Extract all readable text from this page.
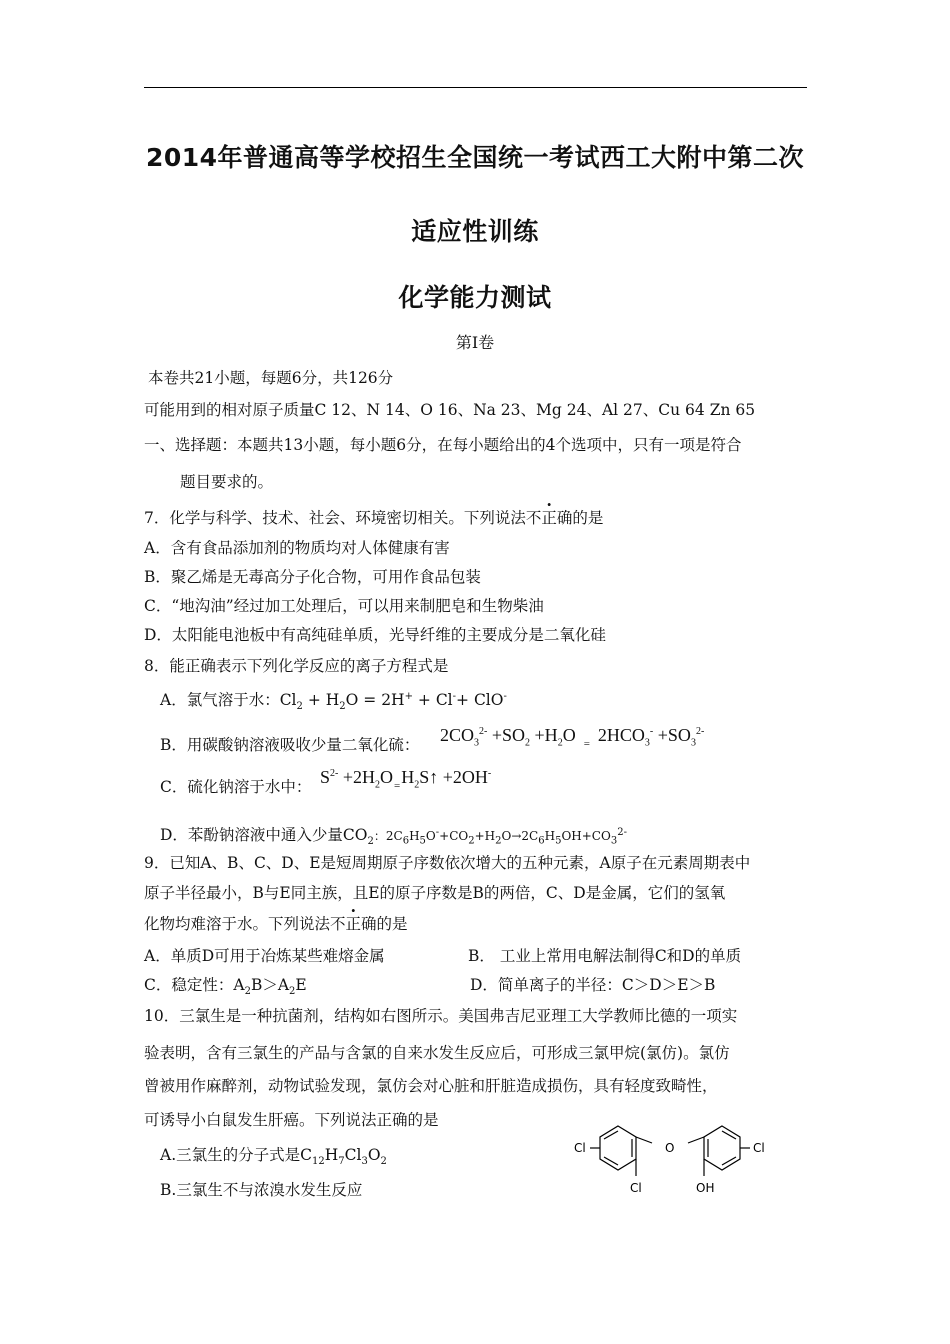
2014年普通高等学校招生全国统一考试西工大附中第二次
适应性训练
化学能力测试
第Ⅰ卷
本卷共21小题，每题6分，共126分
可能用到的相对原子质量C 12、N 14、O 16、Na 23、Mg 24、Al 27、Cu 64 Zn 65
一、选择题：本题共13小题，每小题6分，在每小题给出的4个选项中，只有一项是符合
题目要求的。
7．化学与科学、技术、社会、环境密切相关。下列说法不正确的是
A．含有食品添加剂的物质均对人体健康有害
B．聚乙烯是无毒高分子化合物，可用作食品包装
C．“地沟油”经过加工处理后，可以用来制肥皂和生物柴油
D．太阳能电池板中有高纯硅单质，光导纤维的主要成分是二氧化硅
8．能正确表示下列化学反应的离子方程式是
A．氯气溶于水：$Cl_2 + H_2O = 2H^+ + Cl^-+ ClO^-$
B．用碳酸钠溶液吸收少量二氧化硫： $2CO_3^{2-} +SO_2 +H_2O$ $_=$ $2HCO_3^- +SO_3^{2-}$
C．硫化钠溶于水中： $S^{2-}$ $+2H_2O_=H_2S↑ +2OH^-$
D．苯酚钠溶液中通入少量$CO_2$：$2C_6H_5O^-+CO_2+H_2O\to 2C_6H_5OH+CO_3^{2-}$
9．已知A、B、C、D、E是短周期原子序数依次增大的五种元素，A原子在元素周期表中
原子半径最小，B与E同主族，且E的原子序数是B的两倍，C、D是金属，它们的氢氧
化物均难溶于水。下列说法不正确的是
A．单质D可用于冶炼某些难熔金属	B． 工业上常用电解法制得C和D的单质
C．稳定性：$A_2B>A_2E$	D．简单离子的半径：C＞D＞E＞B
10．三氯生是一种抗菌剂，结构如右图所示。美国弗吉尼亚理工大学教师比德的一项实
验表明，含有三氯生的产品与含氯的自来水发生反应后，可形成三氯甲烷(氯仿)。氯仿
曾被用作麻醉剂，动物试验发现，氯仿会对心脏和肝脏造成损伤，具有轻度致畸性，
可诱导小白鼠发生肝癌。下列说法正确的是
A.三氯生的分子式是$C_{12}H_7Cl_3O_2$
B.三氯生不与浓溴水发生反应
Cl	O	Cl
Cl	OH
